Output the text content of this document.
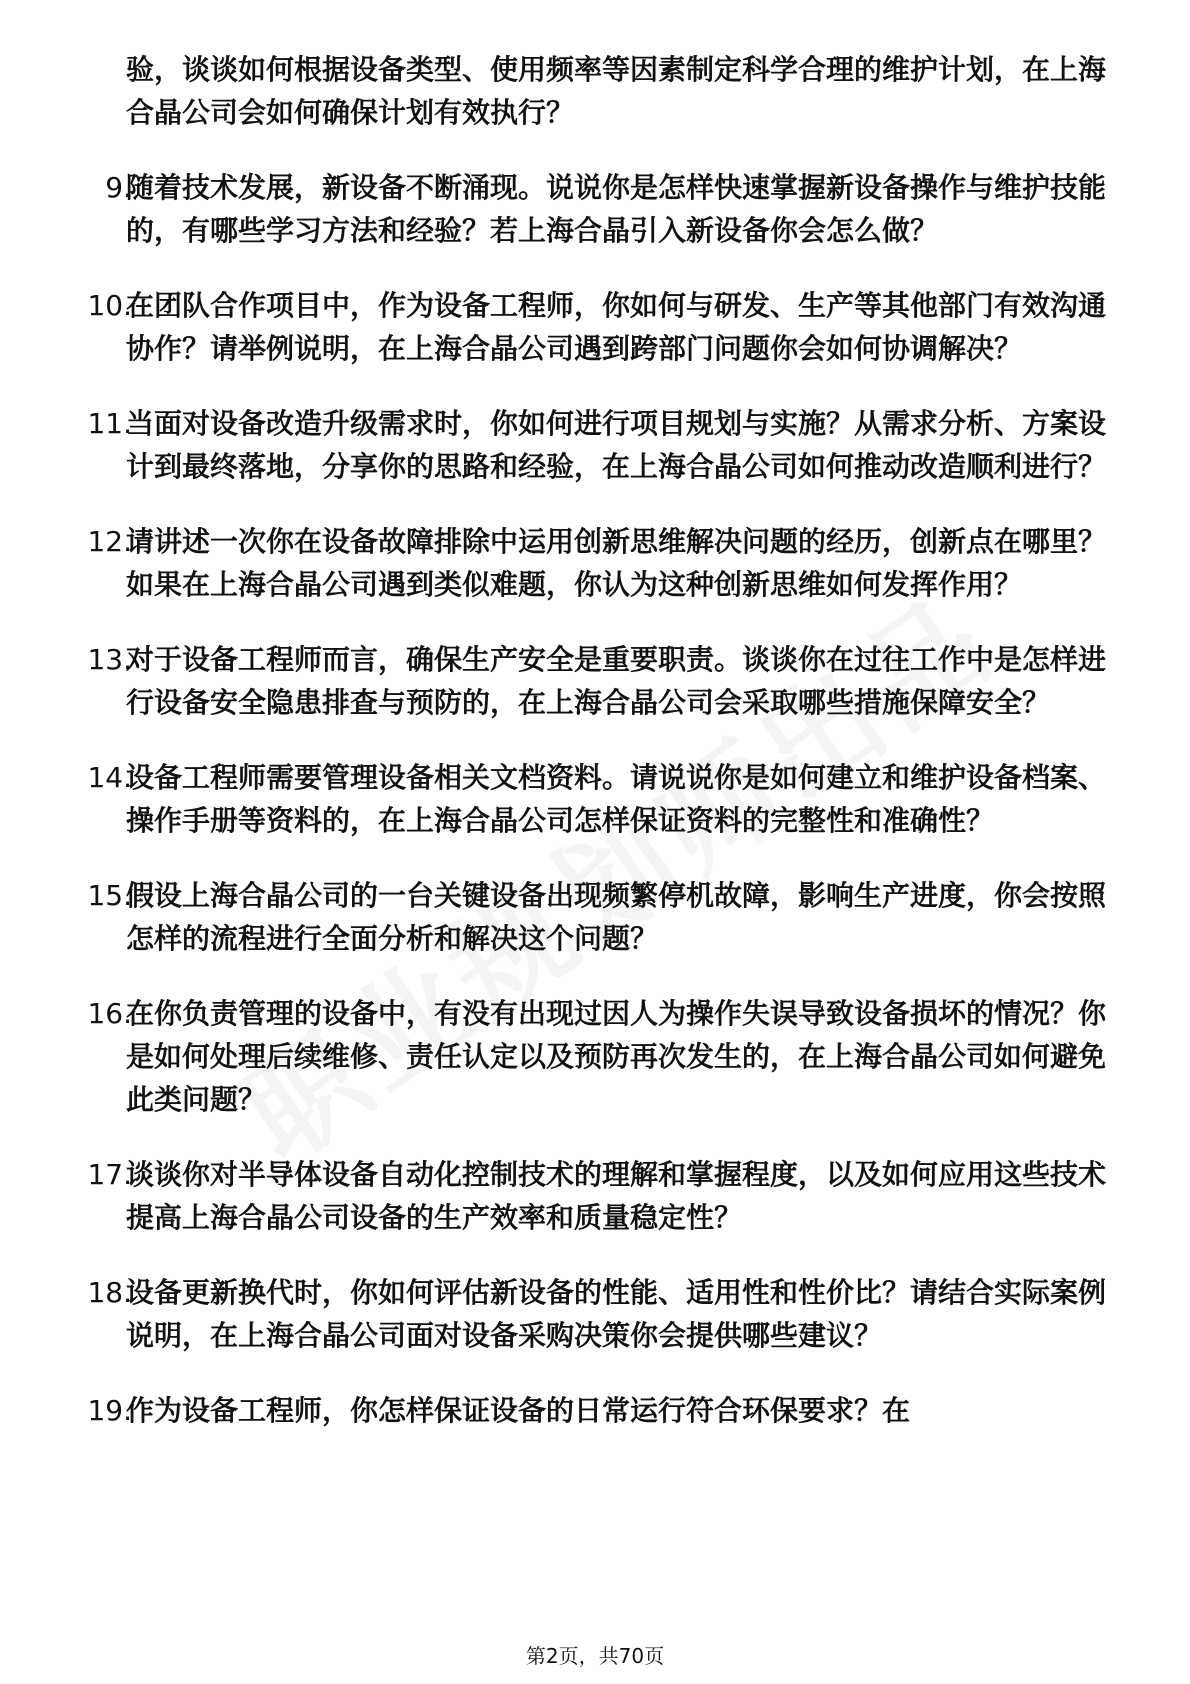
验，谈谈如何根据设备类型、使用频率等因素制定科学合理的维护计划，在上海合晶公司会如何确保计划有效执行？
9.
随着技术发展，新设备不断涌现。说说你是怎样快速掌握新设备操作与维护技能的，有哪些学习方法和经验？若上海合晶引入新设备你会怎么做？
10.
在团队合作项目中，作为设备工程师，你如何与研发、生产等其他部门有效沟通协作？请举例说明，在上海合晶公司遇到跨部门问题你会如何协调解决？
11.
当面对设备改造升级需求时，你如何进行项目规划与实施？从需求分析、方案设计到最终落地，分享你的思路和经验，在上海合晶公司如何推动改造顺利进行？
12.
请讲述一次你在设备故障排除中运用创新思维解决问题的经历，创新点在哪里？如果在上海合晶公司遇到类似难题，你认为这种创新思维如何发挥作用？
13.
对于设备工程师而言，确保生产安全是重要职责。谈谈你在过往工作中是怎样进行设备安全隐患排查与预防的，在上海合晶公司会采取哪些措施保障安全？
14.
设备工程师需要管理设备相关文档资料。请说说你是如何建立和维护设备档案、操作手册等资料的，在上海合晶公司怎样保证资料的完整性和准确性？
15.
假设上海合晶公司的一台关键设备出现频繁停机故障，影响生产进度，你会按照怎样的流程进行全面分析和解决这个问题？
16.
在你负责管理的设备中，有没有出现过因人为操作失误导致设备损坏的情况？你是如何处理后续维修、责任认定以及预防再次发生的，在上海合晶公司如何避免此类问题？
17.
谈谈你对半导体设备自动化控制技术的理解和掌握程度，以及如何应用这些技术提高上海合晶公司设备的生产效率和质量稳定性？
18.
设备更新换代时，你如何评估新设备的性能、适用性和性价比？请结合实际案例说明，在上海合晶公司面对设备采购决策你会提供哪些建议？
19.
作为设备工程师，你怎样保证设备的日常运行符合环保要求？在
第2页，共70页
